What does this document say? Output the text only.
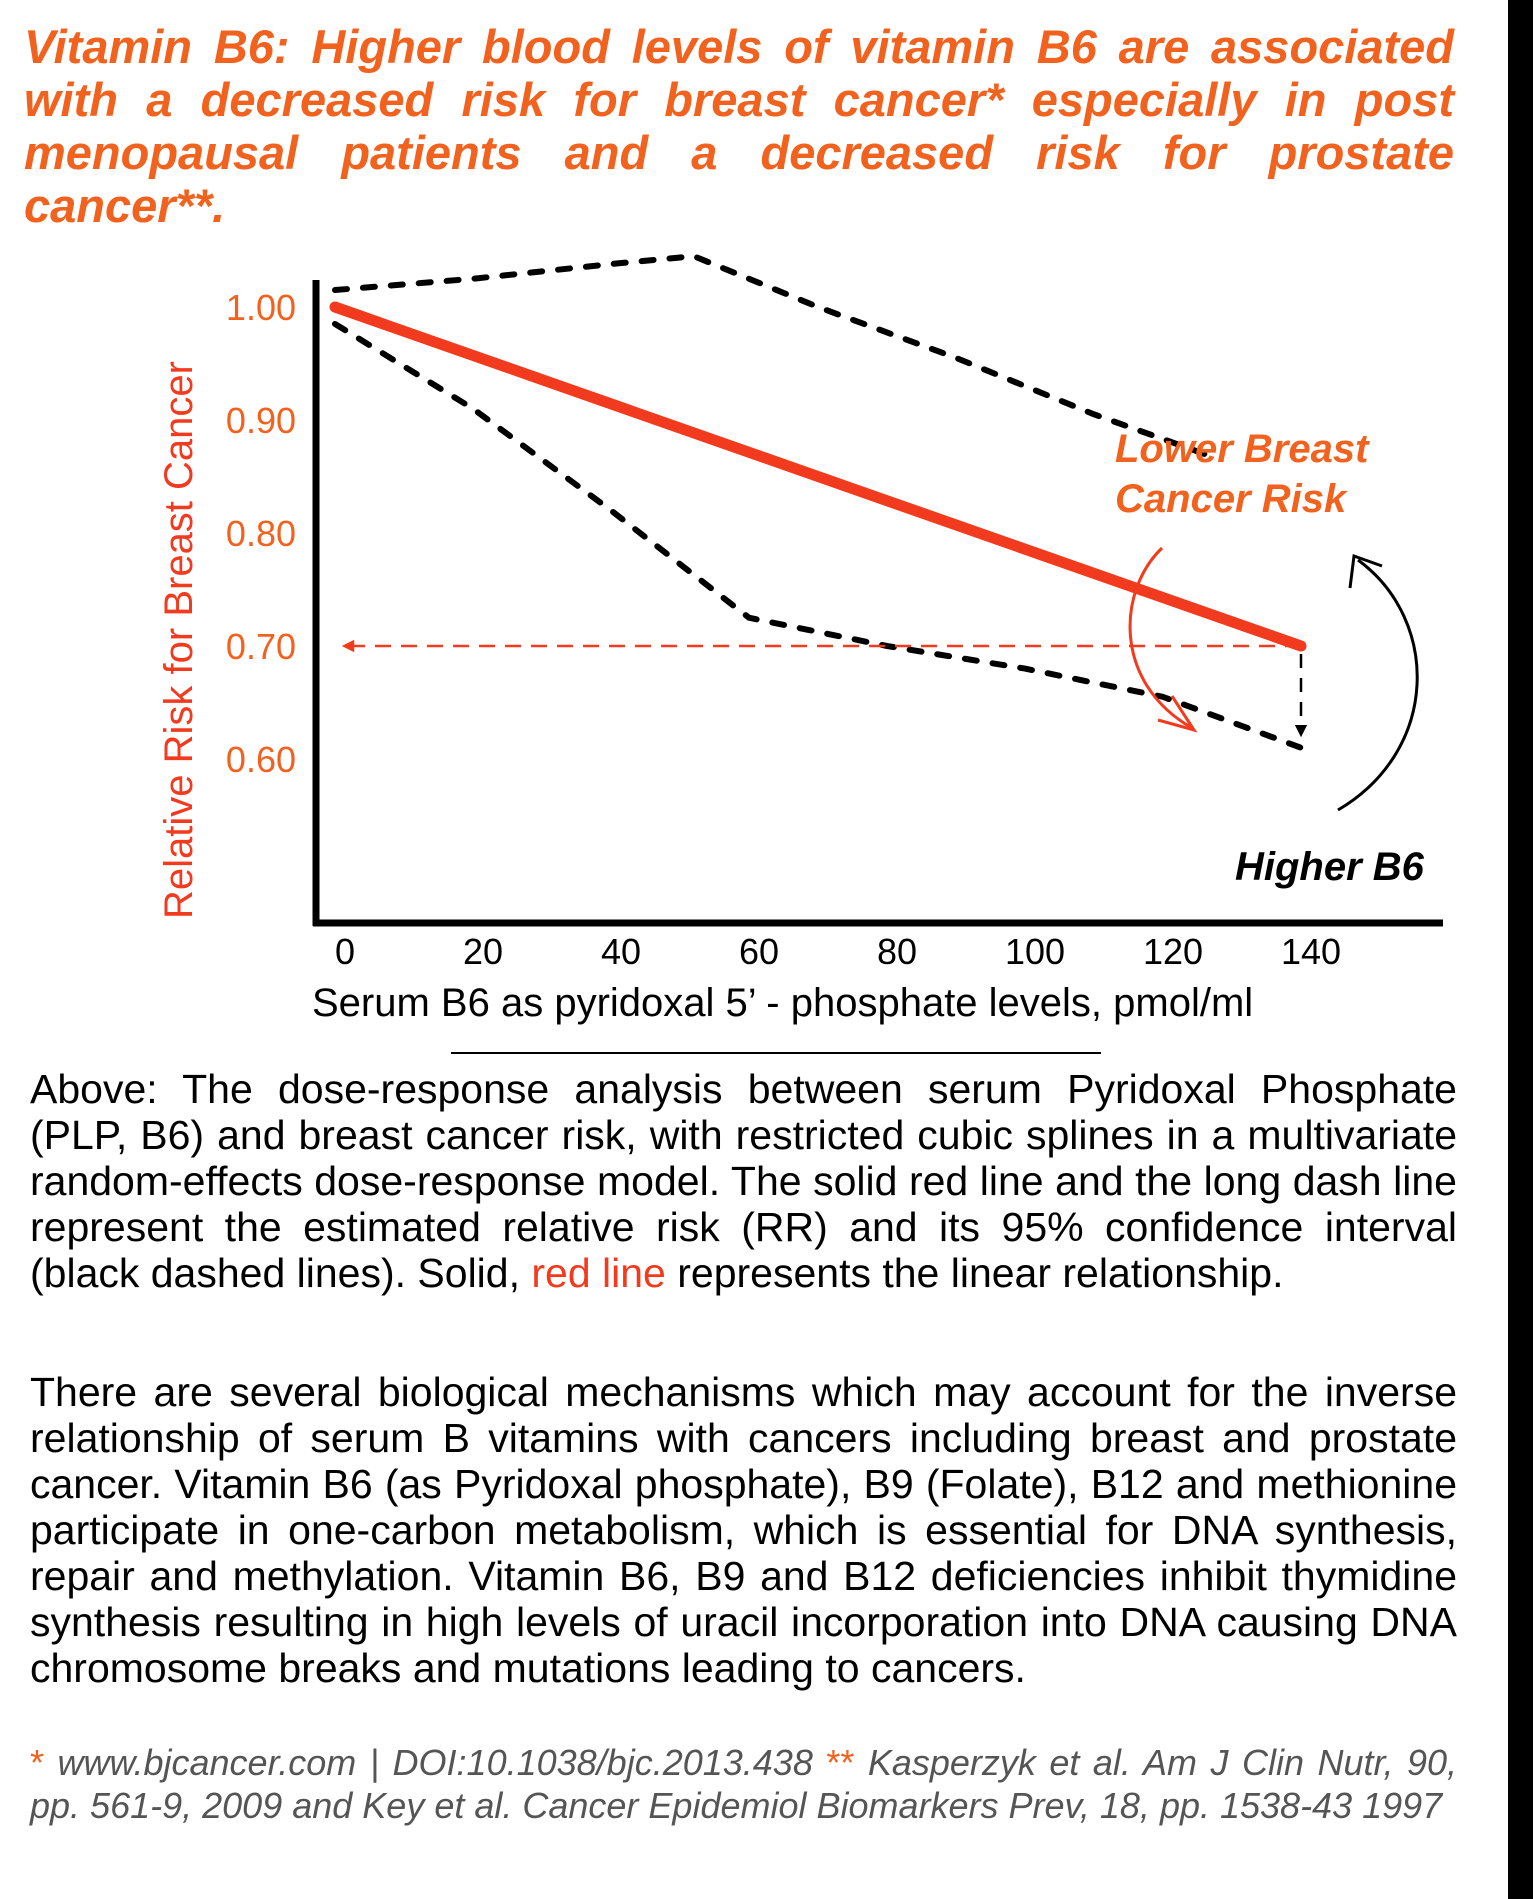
Vitamin B6: Higher blood levels of vitamin B6 are associated with a decreased risk for breast cancer* especially in post menopausal patients and a decreased risk for prostate cancer**.

Relative Risk for Breast Cancer
Serum B6 as pyridoxal 5’ - phosphate levels, pmol/ml
1.00
0.90
0.80
0.70
0.60
0	20	40	60	80 100 120 140
Lower Breast Cancer Risk
Higher B6

Above: The dose-response analysis between serum Pyridoxal Phosphate (PLP, B6) and breast cancer risk, with restricted cubic splines in a multivariate random-effects dose-response model. The solid red line and the long dash line represent the estimated relative risk (RR) and its 95% confidence interval (black dashed lines). Solid, red line represents the linear relationship.

There are several biological mechanisms which may account for the inverse relationship of serum B vitamins with cancers including breast and prostate cancer. Vitamin B6 (as Pyridoxal phosphate), B9 (Folate), B12 and methionine participate in one-carbon metabolism, which is essential for DNA synthesis, repair and methylation. Vitamin B6, B9 and B12 deficiencies inhibit thymidine synthesis resulting in high levels of uracil incorporation into DNA causing DNA chromosome breaks and mutations leading to cancers.

* www.bjcancer.com | DOI:10.1038/bjc.2013.438 ** Kasperzyk et al. Am J Clin Nutr, 90, pp. 561-9, 2009 and Key et al. Cancer Epidemiol Biomarkers Prev, 18, pp. 1538-43 1997
